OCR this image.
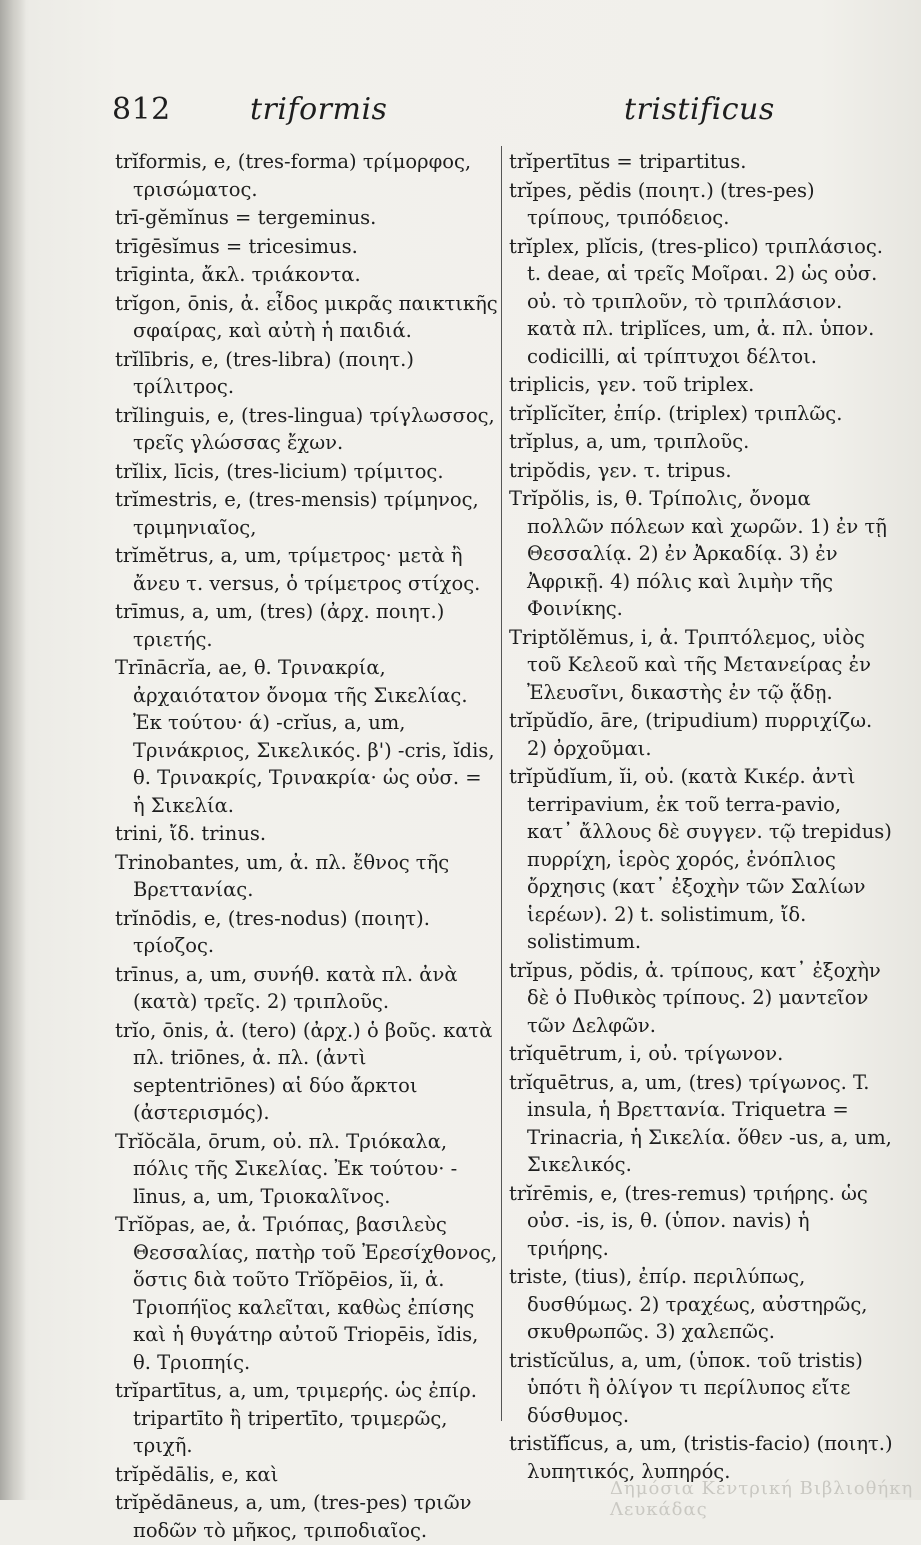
812	triformis	tristificus

trĭformis, e, (tres-forma) τρίμορφος, τρισώματος.

trī-gĕmĭnus = tergeminus.

trīgēsĭmus = tricesimus.

trīginta, ἄκλ. τριάκοντα.

trĭgon, ōnis, ἀ. εἶδος μικρᾶς παικτικῆς σφαίρας, καὶ αὐτὴ ἡ παιδιά.

trĭlībris, e, (tres-libra) (ποιητ.) τρίλιτρος.

trĭlinguis, e, (tres-lingua) τρίγλωσσος, τρεῖς γλώσσας ἔχων.

trĭlix, līcis, (tres-licium) τρίμιτος.

trĭmestris, e, (tres-mensis) τρίμηνος, τριμηνιαῖος,

trĭmĕtrus, a, um, τρίμετρος· μετὰ ἢ ἄνευ τ. versus, ὁ τρίμετρος στίχος.

trīmus, a, um, (tres) (ἀρχ. ποιητ.) τριετής.

Trīnācrĭa, ae, θ. Τρινακρία, ἀρχαιότατον ὄνομα τῆς Σικελίας. Ἐκ τούτου· ά) -crĭus, a, um, Τρινάκριος, Σικελικός. β') -cris, ĭdis, θ. Τρινακρίς, Τρινακρία· ὡς οὐσ. = ἡ Σικελία.

trini, ἴδ. trinus.

Trinobantes, um, ἀ. πλ. ἔθνος τῆς Βρεττανίας.

trĭnōdis, e, (tres-nodus) (ποιητ). τρίοζος.

trīnus, a, um, συνήθ. κατὰ πλ. ἀνὰ (κατὰ) τρεῖς. 2) τριπλοῦς.

trĭo, ōnis, ἀ. (tero) (ἀρχ.) ὁ βοῦς. κατὰ πλ. triōnes, ἀ. πλ. (ἀντὶ septentriōnes) αἱ δύο ἄρκτοι (ἀστερισμός).

Trĭŏcăla, ōrum, οὐ. πλ. Τριόκαλα, πόλις τῆς Σικελίας. Ἐκ τούτου· -līnus, a, um, Τριοκαλῖνος.

Trĭŏpas, ae, ἀ. Τριόπας, βασιλεὺς Θεσσαλίας, πατὴρ τοῦ Ἐρεσίχθονος, ὅστις διὰ τοῦτο Trĭŏpēios, ĭi, ἀ. Τριοπήϊος καλεῖται, καθὼς ἐπίσης καὶ ἡ θυγάτηρ αὐτοῦ Triopēis, ĭdis, θ. Τριοπηίς.

trĭpartītus, a, um, τριμερής. ὡς ἐπίρ. tripartīto ἢ tripertīto, τριμερῶς, τριχῆ.

trĭpĕdālis, e, καὶ

trĭpĕdāneus, a, um, (tres-pes) τριῶν ποδῶν τὸ μῆκος, τριποδιαῖος.

trĭpertītus = tripartitus.

trĭpes, pĕdis (ποιητ.) (tres-pes) τρίπους, τριπόδειος.

trĭplex, plĭcis, (tres-plico) τριπλάσιος. t. deae, αἱ τρεῖς Μοῖραι. 2) ὡς οὐσ. οὐ. τὸ τριπλοῦν, τὸ τριπλάσιον. κατὰ πλ. triplĭces, um, ἀ. πλ. ὑπον. codicilli, αἱ τρίπτυχοι δέλτοι.

triplicis, γεν. τοῦ triplex.

trĭplĭcĭter, ἐπίρ. (triplex) τριπλῶς.

trĭplus, a, um, τριπλοῦς.

tripŏdis, γεν. τ. tripus.

Trĭpŏlis, is, θ. Τρίπολις, ὄνομα πολλῶν πόλεων καὶ χωρῶν. 1) ἐν τῇ Θεσσαλίᾳ. 2) ἐν Ἀρκαδίᾳ. 3) ἐν Ἀφρικῇ. 4) πόλις καὶ λιμὴν τῆς Φοινίκης.

Triptŏlĕmus, i, ἀ. Τριπτόλεμος, υἱὸς τοῦ Κελεοῦ καὶ τῆς Μετανείρας ἐν Ἐλευσῖνι, δικαστὴς ἐν τῷ ᾅδῃ.

trĭpŭdĭo, āre, (tripudium) πυρριχίζω. 2) ὀρχοῦμαι.

trĭpŭdĭum, ĭi, οὐ. (κατὰ Κικέρ. ἀντὶ terripavium, ἐκ τοῦ terra-pavio, κατ᾽ ἄλλους δὲ συγγεν. τῷ trepidus) πυρρίχη, ἱερὸς χορός, ἐνόπλιος ὄρχησις (κατ᾽ ἐξοχὴν τῶν Σαλίων ἱερέων). 2) t. solistimum, ἴδ. solistimum.

trĭpus, pŏdis, ἀ. τρίπους, κατ᾽ ἐξοχὴν δὲ ὁ Πυθικὸς τρίπους. 2) μαντεῖον τῶν Δελφῶν.

trĭquētrum, i, οὐ. τρίγωνον.

trĭquētrus, a, um, (tres) τρίγωνος. T. insula, ἡ Βρεττανία. Triquetra = Trinacria, ἡ Σικελία. ὅθεν -us, a, um, Σικελικός.

trĭrēmis, e, (tres-remus) τριήρης. ὡς οὐσ. -is, is, θ. (ὑπον. navis) ἡ τριήρης.

triste, (tius), ἐπίρ. περιλύπως, δυσθύμως. 2) τραχέως, αὐστηρῶς, σκυθρωπῶς. 3) χαλεπῶς.

tristĭcŭlus, a, um, (ὑποκ. τοῦ tristis) ὑπότι ἢ ὀλίγον τι περίλυπος εἴτε δύσθυμος.

tristĭfĭcus, a, um, (tristis-facio) (ποιητ.) λυπητικός, λυπηρός.

Δημόσια Κεντρική Βιβλιοθήκη Λευκάδας
